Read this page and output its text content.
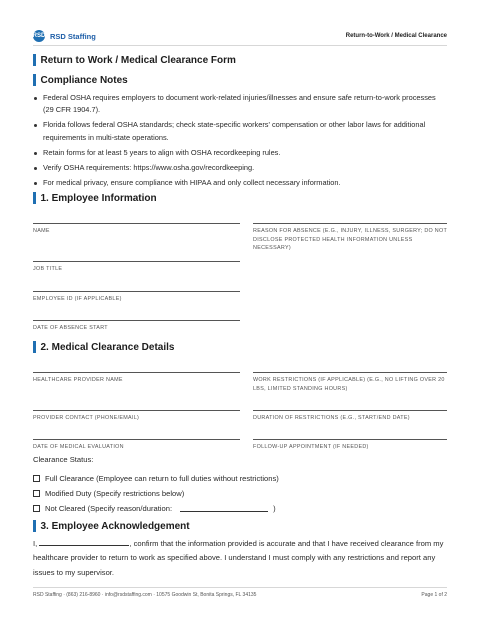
RSD RSD Staffing	Return-to-Work / Medical Clearance
Return to Work / Medical Clearance Form
Compliance Notes
Federal OSHA requires employers to document work-related injuries/illnesses and ensure safe return-to-work processes (29 CFR 1904.7).
Florida follows federal OSHA standards; check state-specific workers' compensation or other labor laws for additional requirements in multi-state operations.
Retain forms for at least 5 years to align with OSHA recordkeeping rules.
Verify OSHA requirements: https://www.osha.gov/recordkeeping.
For medical privacy, ensure compliance with HIPAA and only collect necessary information.
1. Employee Information
NAME	REASON FOR ABSENCE (E.G., INJURY, ILLNESS, SURGERY; DO NOT DISCLOSE PROTECTED HEALTH INFORMATION UNLESS NECESSARY)
JOB TITLE
EMPLOYEE ID (IF APPLICABLE)
DATE OF ABSENCE START
2. Medical Clearance Details
HEALTHCARE PROVIDER NAME	WORK RESTRICTIONS (IF APPLICABLE) (E.G., NO LIFTING OVER 20 LBS, LIMITED STANDING HOURS)
PROVIDER CONTACT (PHONE/EMAIL)	DURATION OF RESTRICTIONS (E.G., START/END DATE)
DATE OF MEDICAL EVALUATION	FOLLOW-UP APPOINTMENT (IF NEEDED)
Clearance Status:
Full Clearance (Employee can return to full duties without restrictions)
Modified Duty (Specify restrictions below)
Not Cleared (Specify reason/duration:	)
3. Employee Acknowledgement
I,	, confirm that the information provided is accurate and that I have received clearance from my healthcare provider to return to work as specified above. I understand I must comply with any restrictions and report any issues to my supervisor.
RSD Staffing · (863) 216-8960 · info@rsdstaffing.com · 10575 Goodwin St, Bonita Springs, FL 34135	Page 1 of 2
